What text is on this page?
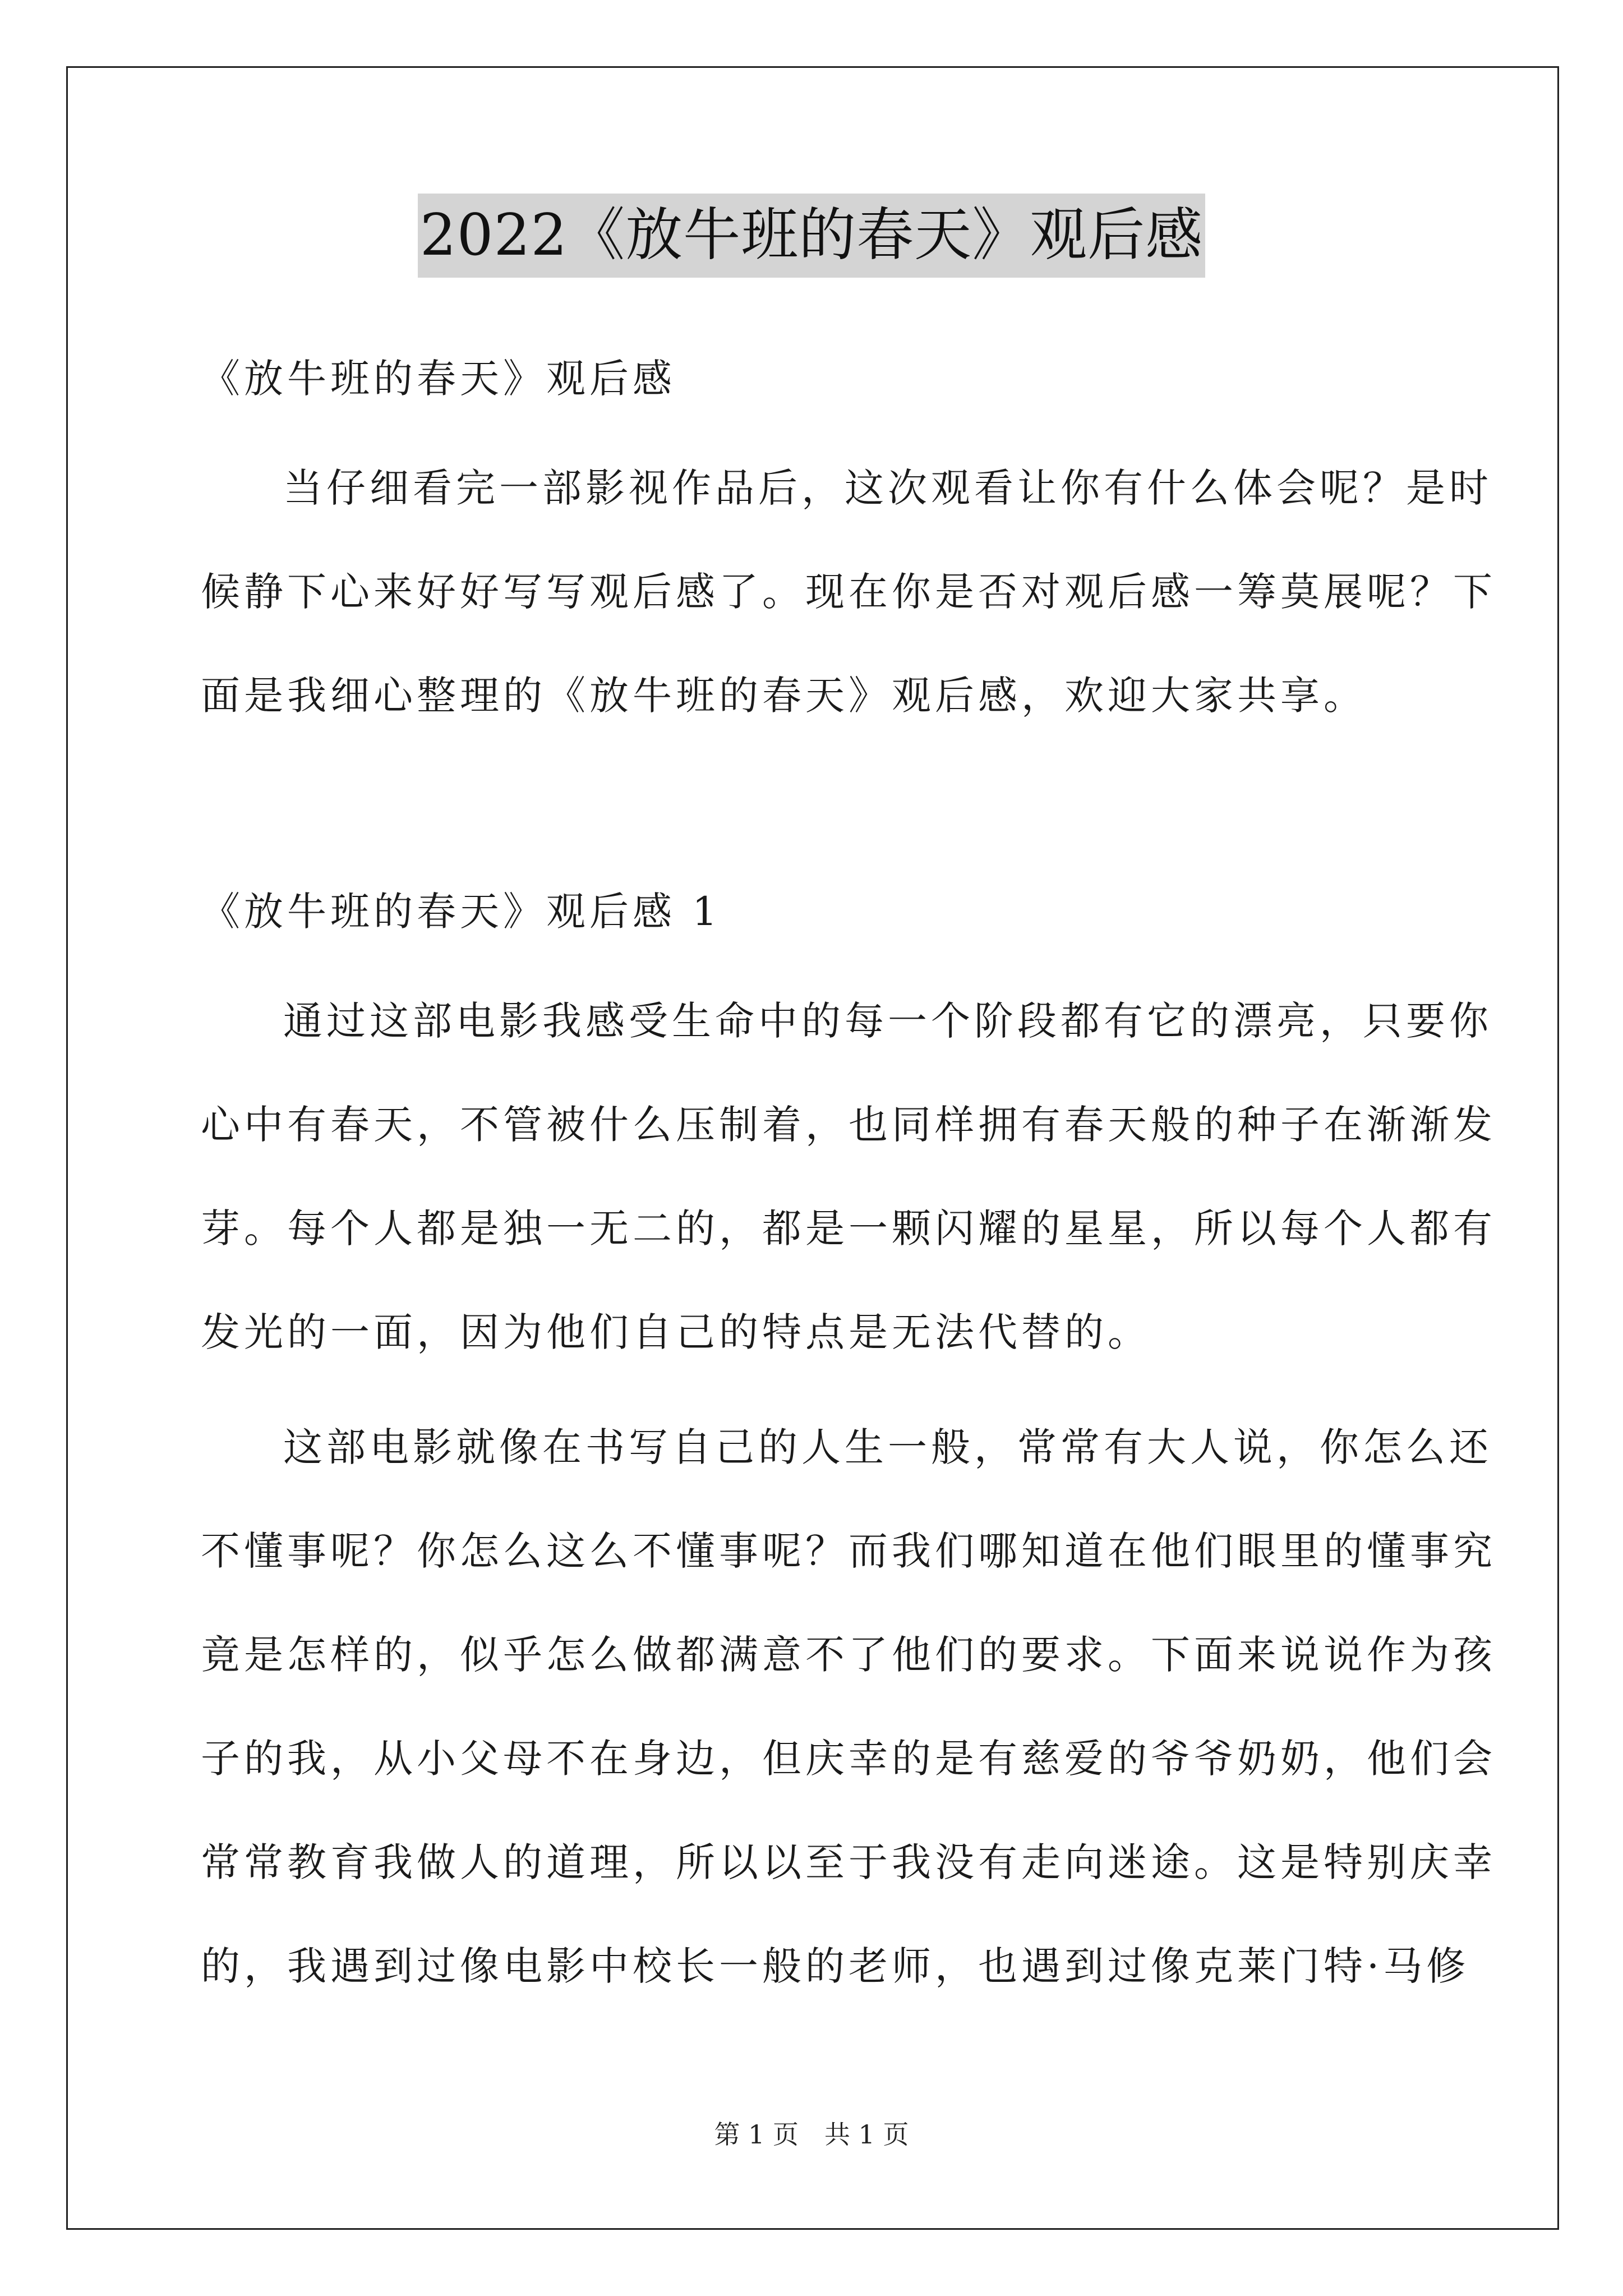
2022《放牛班的春天》观后感
《放牛班的春天》观后感
当仔细看完一部影视作品后，这次观看让你有什么体会呢？是时
候静下心来好好写写观后感了。现在你是否对观后感一筹莫展呢？下
面是我细心整理的《放牛班的春天》观后感，欢迎大家共享。
《放牛班的春天》观后感 1
通过这部电影我感受生命中的每一个阶段都有它的漂亮，只要你
心中有春天，不管被什么压制着，也同样拥有春天般的种子在渐渐发
芽。每个人都是独一无二的，都是一颗闪耀的星星，所以每个人都有
发光的一面，因为他们自己的特点是无法代替的。
这部电影就像在书写自己的人生一般，常常有大人说，你怎么还
不懂事呢？你怎么这么不懂事呢？而我们哪知道在他们眼里的懂事究
竟是怎样的，似乎怎么做都满意不了他们的要求。下面来说说作为孩
子的我，从小父母不在身边，但庆幸的是有慈爱的爷爷奶奶，他们会
常常教育我做人的道理，所以以至于我没有走向迷途。这是特别庆幸
的，我遇到过像电影中校长一般的老师，也遇到过像克莱门特·马修
第 1 页　共 1 页
